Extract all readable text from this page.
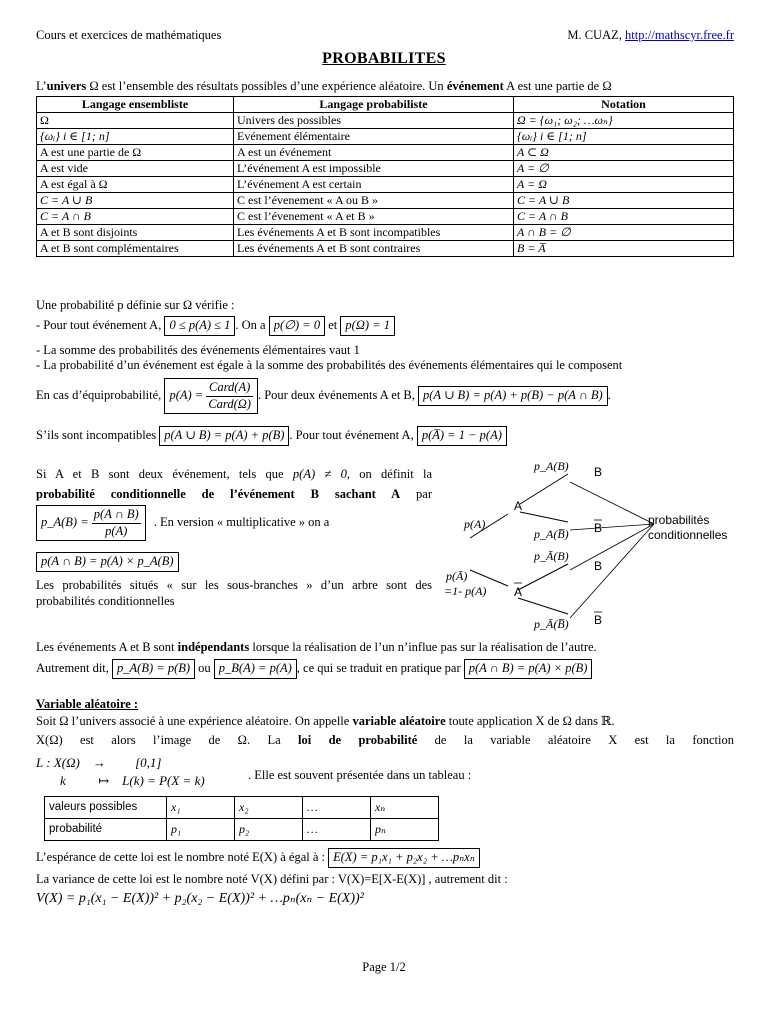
Cours et exercices de mathématiques	M. CUAZ, http://mathscyr.free.fr
PROBABILITES
L’univers Ω est l’ensemble des résultats possibles d’une expérience aléatoire. Un événement A est une partie de Ω
Langage ensembliste	Langage probabiliste	Notation
Ω	Univers des possibles	Ω = {ω₁; ω₂; …ωₙ}
{ωᵢ} i ∈ [1; n]	Evénement élémentaire	{ωᵢ} i ∈ [1; n]
A est une partie de Ω	A est un événement	A ⊂ Ω
A est vide	L’événement A est impossible	A = ∅
A est égal à Ω	L’événement A est certain	A = Ω
C = A ∪ B	C est l’évenement « A ou B »	C = A ∪ B
C = A ∩ B	C est l’évenement « A et B »	C = A ∩ B
A et B sont disjoints	Les événements A et B sont incompatibles	A ∩ B = ∅
A et B sont complémentaires	Les événements A et B sont contraires	B = A̅
Une probabilité p définie sur Ω vérifie :
- Pour tout événement A, 0 ≤ p(A) ≤ 1 . On a p(∅) = 0 et p(Ω) = 1
- La somme des probabilités des événements élémentaires vaut 1
- La probabilité d’un événement est égale à la somme des probabilités des événements élémentaires qui le composent
En cas d’équiprobabilité, $p(A) = \frac{\text{Card(A)}}{\text{Card(Ω)}}$ . Pour deux événements A et B, p(A ∪ B) = p(A) + p(B) − p(A ∩ B) .
S’ils sont incompatibles p(A ∪ B) = p(A) + p(B) . Pour tout événement A, p(A̅) = 1 − p(A)
Si A et B sont deux événement, tels que p(A) ≠ 0, on définit la
probabilité conditionnelle de l’événement B sachant A par
p_A(B) = $\frac{p(A \cap B)}{p(A)}$	. En version « multiplicative » on a
p(A ∩ B) = p(A) × p_A(B)
Les probabilités situés « sur les sous-branches » d’un arbre sont des
probabilités conditionnelles
p_A(B)
p_A(B̅)
p_Ā(B)
p_Ā(B̅)
p(A)
p(Ā)
=1- p(A)
A
A
B
B
B
B
probabilités
conditionnelles
Les événements A et B sont indépendants lorsque la réalisation de l’un n’influe pas sur la réalisation de l’autre.
Autrement dit, p_A(B) = p(B) ou p_B(A) = p(A) , ce qui se traduit en pratique par p(A ∩ B) = p(A) × p(B)
Variable aléatoire :
Soit Ω l’univers associé à une expérience aléatoire. On appelle variable aléatoire toute application X de Ω dans ℝ.
X(Ω) est alors l’image de Ω. La loi de probabilité de la variable aléatoire X est la fonction
L : X(Ω)    →         [0,1]
k          ↦    L(k) = P(X = k)	. Elle est souvent présentée dans un tableau :
valeurs possibles	x₁	x₂	…	xₙ
probabilité	p₁	p₂	…	pₙ
L’espérance de cette loi est le nombre noté E(X) à égal à : E(X) = p₁x₁ + p₂x₂ + …pₙxₙ
La variance de cette loi est le nombre noté V(X) défini par : V(X)=E[X-E(X)] , autrement dit :
V(X) = p₁(x₁ − E(X))² + p₂(x₂ − E(X))² + …pₙ(xₙ − E(X))²
Page 1/2
